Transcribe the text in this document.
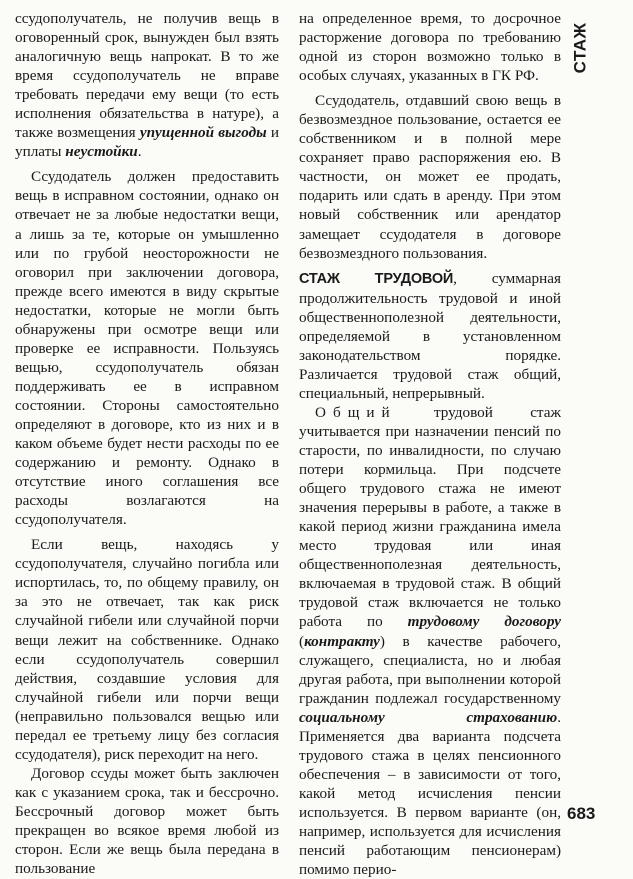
ссудополучатель, не получив вещь в оговоренный срок, вынужден был взять аналогичную вещь напрокат. В то же время ссудополучатель не вправе требовать передачи ему вещи (то есть исполнения обязательства в натуре), а также возмещения упущенной выгоды и уплаты неустойки.

Ссудодатель должен предоставить вещь в исправном состоянии, однако он отвечает не за любые недостатки вещи, а лишь за те, которые он умышленно или по грубой неосторожности не оговорил при заключении договора, прежде всего имеются в виду скрытые недостатки, которые не могли быть обнаружены при осмотре вещи или проверке ее исправности. Пользуясь вещью, ссудополучатель обязан поддерживать ее в исправном состоянии. Стороны самостоятельно определяют в договоре, кто из них и в каком объеме будет нести расходы по ее содержанию и ремонту. Однако в отсутствие иного соглашения все расходы возлагаются на ссудополучателя.

Если вещь, находясь у ссудополучателя, случайно погибла или испортилась, то, по общему правилу, он за это не отвечает, так как риск случайной гибели или случайной порчи вещи лежит на собственнике. Однако если ссудополучатель совершил действия, создавшие условия для случайной гибели или порчи вещи (неправильно пользовался вещью или передал ее третьему лицу без согласия ссудодателя), риск переходит на него.

Договор ссуды может быть заключен как с указанием срока, так и бессрочно. Бессрочный договор может быть прекращен во всякое время любой из сторон. Если же вещь была передана в пользование

на определенное время, то досрочное расторжение договора по требованию одной из сторон возможно только в особых случаях, указанных в ГК РФ.

Ссудодатель, отдавший свою вещь в безвозмездное пользование, остается ее собственником и в полной мере сохраняет право распоряжения ею. В частности, он может ее продать, подарить или сдать в аренду. При этом новый собственник или арендатор замещает ссудодателя в договоре безвозмездного пользования.

СТАЖ ТРУДОВОЙ, суммарная продолжительность трудовой и иной общественнополезной деятельности, определяемой в установленном законодательством порядке. Различается трудовой стаж общий, специальный, непрерывный.

Общий трудовой стаж учитывается при назначении пенсий по старости, по инвалидности, по случаю потери кормильца. При подсчете общего трудового стажа не имеют значения перерывы в работе, а также в какой период жизни гражданина имела место трудовая или иная общественнополезная деятельность, включаемая в трудовой стаж. В общий трудовой стаж включается не только работа по трудовому договору (контракту) в качестве рабочего, служащего, специалиста, но и любая другая работа, при выполнении которой гражданин подлежал государственному социальному страхованию. Применяется два варианта подсчета трудового стажа в целях пенсионного обеспечения – в зависимости от того, какой метод исчисления пенсии используется. В первом варианте (он, например, используется для исчисления пенсий работающим пенсионерам) помимо перио-

СТАЖ
683
